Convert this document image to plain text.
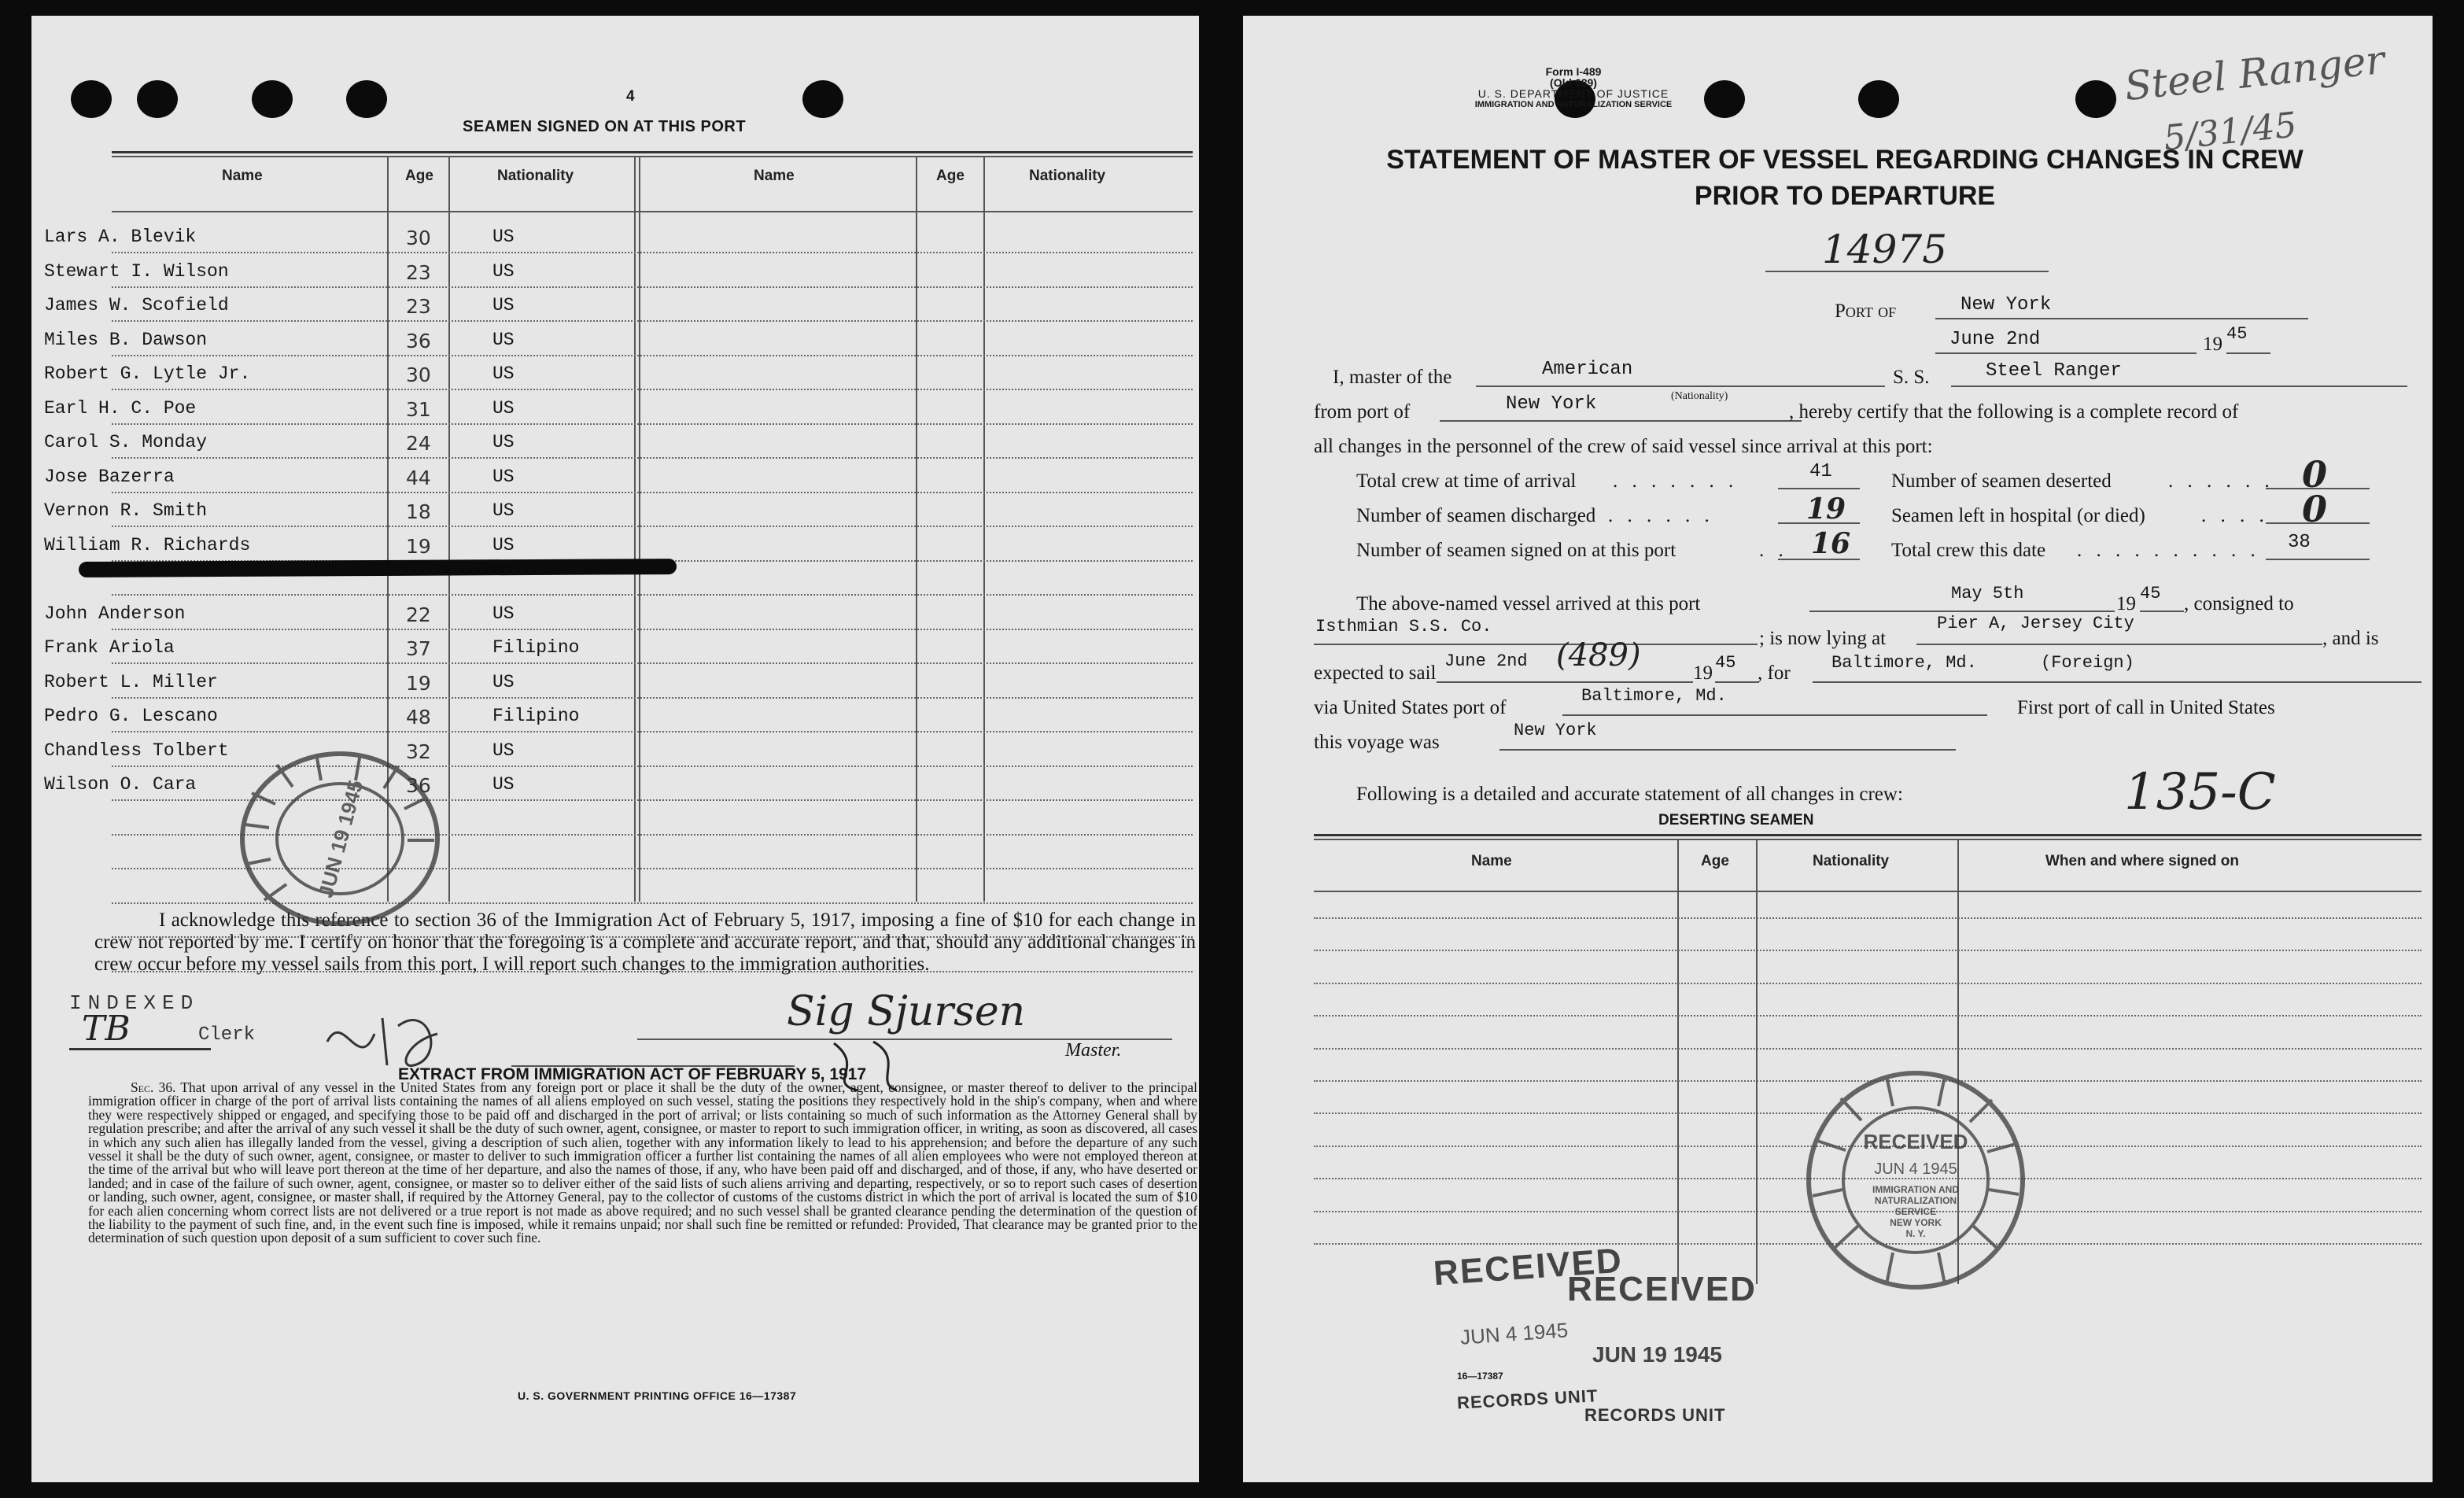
4
SEAMEN SIGNED ON AT THIS PORT
Name	Age	Nationality	Name	Age	Nationality
Lars A. Blevik	30	US
Stewart I. Wilson	23	US
James W. Scofield	23	US
Miles B. Dawson	36	US
Robert G. Lytle Jr.	30	US
Earl H. C. Poe	31	US
Carol S. Monday	24	US
Jose Bazerra	44	US
Vernon R. Smith	18	US
William R. Richards	19	US
John Anderson	22	US
Frank Ariola	37	Filipino
Robert L. Miller	19	US
Pedro G. Lescano	48	Filipino
Chandless Tolbert	32	US
Wilson O. Cara	36	US
I acknowledge this reference to section 36 of the Immigration Act of February 5, 1917, imposing a fine of $10 for each change in crew not reported by me. I certify on honor that the foregoing is a complete and accurate report, and that, should any additional changes in crew occur before my vessel sails from this port, I will report such changes to the immigration authorities.
INDEXED
TB	Clerk	Sig Sjursen
Master.
EXTRACT FROM IMMIGRATION ACT OF FEBRUARY 5, 1917
Sec. 36. That upon arrival of any vessel in the United States from any foreign port or place it shall be the duty of the owner, agent, consignee, or master thereof to deliver to the principal immigration officer in charge of the port of arrival lists containing the names of all aliens employed on such vessel, stating the positions they respectively hold in the ship's company, when and where they were respectively shipped or engaged, and specifying those to be paid off and discharged in the port of arrival; or lists containing so much of such information as the Attorney General shall by regulation prescribe; and after the arrival of any such vessel it shall be the duty of such owner, agent, consignee, or master to report to such immigration officer, in writing, as soon as discovered, all cases in which any such alien has illegally landed from the vessel, giving a description of such alien, together with any information likely to lead to his apprehension; and before the departure of any such vessel it shall be the duty of such owner, agent, consignee, or master to deliver to such immigration officer a further list containing the names of all alien employees who were not employed thereon at the time of the arrival but who will leave port thereon at the time of her departure, and also the names of those, if any, who have been paid off and discharged, and of those, if any, who have deserted or landed; and in case of the failure of such owner, agent, consignee, or master so to deliver either of the said lists of such aliens arriving and departing, respectively, or so to report such cases of desertion or landing, such owner, agent, consignee, or master shall, if required by the Attorney General, pay to the collector of customs of the customs district in which the port of arrival is located the sum of $10 for each alien concerning whom correct lists are not delivered or a true report is not made as above required; and no such vessel shall be granted clearance pending the determination of the question of the liability to the payment of such fine, and, in the event such fine is imposed, while it remains unpaid; nor shall such fine be remitted or refunded: Provided, That clearance may be granted prior to the determination of such question upon deposit of a sum sufficient to cover such fine.
U. S. GOVERNMENT PRINTING OFFICE 16—17387
JUN 19 1945
Form I-489
(Old 689)
U. S. DEPARTMENT OF JUSTICE
IMMIGRATION AND NATURALIZATION SERVICE	Steel Ranger
5/31/45
STATEMENT OF MASTER OF VESSEL REGARDING CHANGES IN CREW
PRIOR TO DEPARTURE
14975
Port of	New York
June 2nd	19 45
I, master of the	American	S. S.	Steel Ranger
from port of	New York	(Nationality)
, hereby certify that the following is a complete record of
all changes in the personnel of the crew of said vessel since arrival at this port:
Total crew at time of arrival . . . . . . .	41
Number of seamen discharged . . . . . .	19
Number of seamen signed on at this port	. . 16
Number of seamen deserted	. . . . . . 0
Seamen left in hospital (or died)	. . . . 0
Total crew this date . . . . . . . . . . 38
The above-named vessel arrived at this port	May 5th	19 45 , consigned to
Isthmian S.S. Co.
; is now lying at
Pier A, Jersey City
, and is
expected to sail
June 2nd (489)	19 45 , for Baltimore, Md.	(Foreign)
via United States port of
Baltimore, Md.
First port of call in United States
this voyage was
New York
Following is a detailed and accurate statement of all changes in crew:	135-C
DESERTING SEAMEN
Name	Age	Nationality	When and where signed on
RECEIVED
JUN 4 1945
RECEIVED
JUN 19 1945
16—17387
RECORDS UNIT
RECORDS UNIT
RECEIVED
JUN 4 1945
IMMIGRATION AND
NATURALIZATION
SERVICE
NEW YORK
N. Y.
